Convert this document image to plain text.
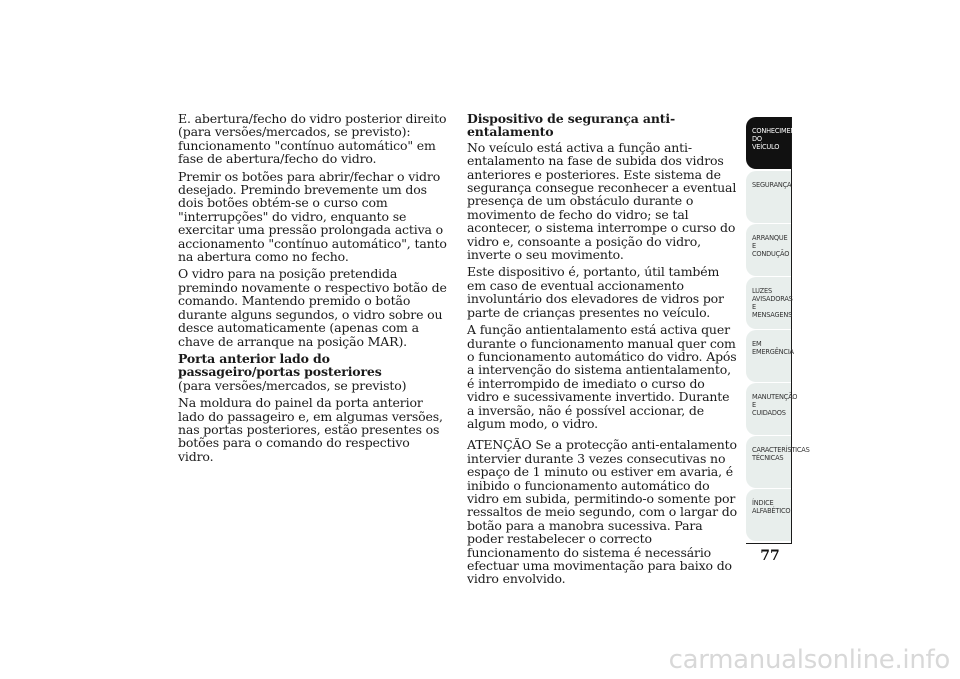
E. abertura/fecho do vidro posterior direito (para versões/mercados, se previsto): funcionamento "contínuo automático" em fase de abertura/fecho do vidro.

Premir os botões para abrir/fechar o vidro desejado. Premindo brevemente um dos dois botões obtém-se o curso com "interrupções" do vidro, enquanto se exercitar uma pressão prolongada activa o accionamento "contínuo automático", tanto na abertura como no fecho.

O vidro para na posição pretendida premindo novamente o respectivo botão de comando. Mantendo premido o botão durante alguns segundos, o vidro sobre ou desce automaticamente (apenas com a chave de arranque na posição MAR).

Porta anterior lado do passageiro/portas posteriores

(para versões/mercados, se previsto)

Na moldura do painel da porta anterior lado do passageiro e, em algumas versões, nas portas posteriores, estão presentes os botões para o comando do respectivo vidro.

Dispositivo de segurança anti-entalamento

No veículo está activa a função anti-entalamento na fase de subida dos vidros anteriores e posteriores. Este sistema de segurança consegue reconhecer a eventual presença de um obstáculo durante o movimento de fecho do vidro; se tal acontecer, o sistema interrompe o curso do vidro e, consoante a posição do vidro, inverte o seu movimento.

Este dispositivo é, portanto, útil também em caso de eventual accionamento involuntário dos elevadores de vidros por parte de crianças presentes no veículo.

A função antientalamento está activa quer durante o funcionamento manual quer com o funcionamento automático do vidro. Após a intervenção do sistema antientalamento, é interrompido de imediato o curso do vidro e sucessivamente invertido. Durante a inversão, não é possível accionar, de algum modo, o vidro.

ATENÇÃO Se a protecção anti-entalamento intervier durante 3 vezes consecutivas no espaço de 1 minuto ou estiver em avaria, é inibido o funcionamento automático do vidro em subida, permitindo-o somente por ressaltos de meio segundo, com o largar do botão para a manobra sucessiva. Para poder restabelecer o correcto funcionamento do sistema é necessário efectuar uma movimentação para baixo do vidro envolvido.

CONHECIMENTO DO VEÍCULO
SEGURANÇA
ARRANQUE E CONDUÇÃO
LUZES AVISADORAS E MENSAGENS
EM EMERGÊNCIA
MANUTENÇÃO E CUIDADOS
CARACTERÍSTICAS TÉCNICAS
ÍNDICE ALFABÉTICO
77
carmanualsonline.info
